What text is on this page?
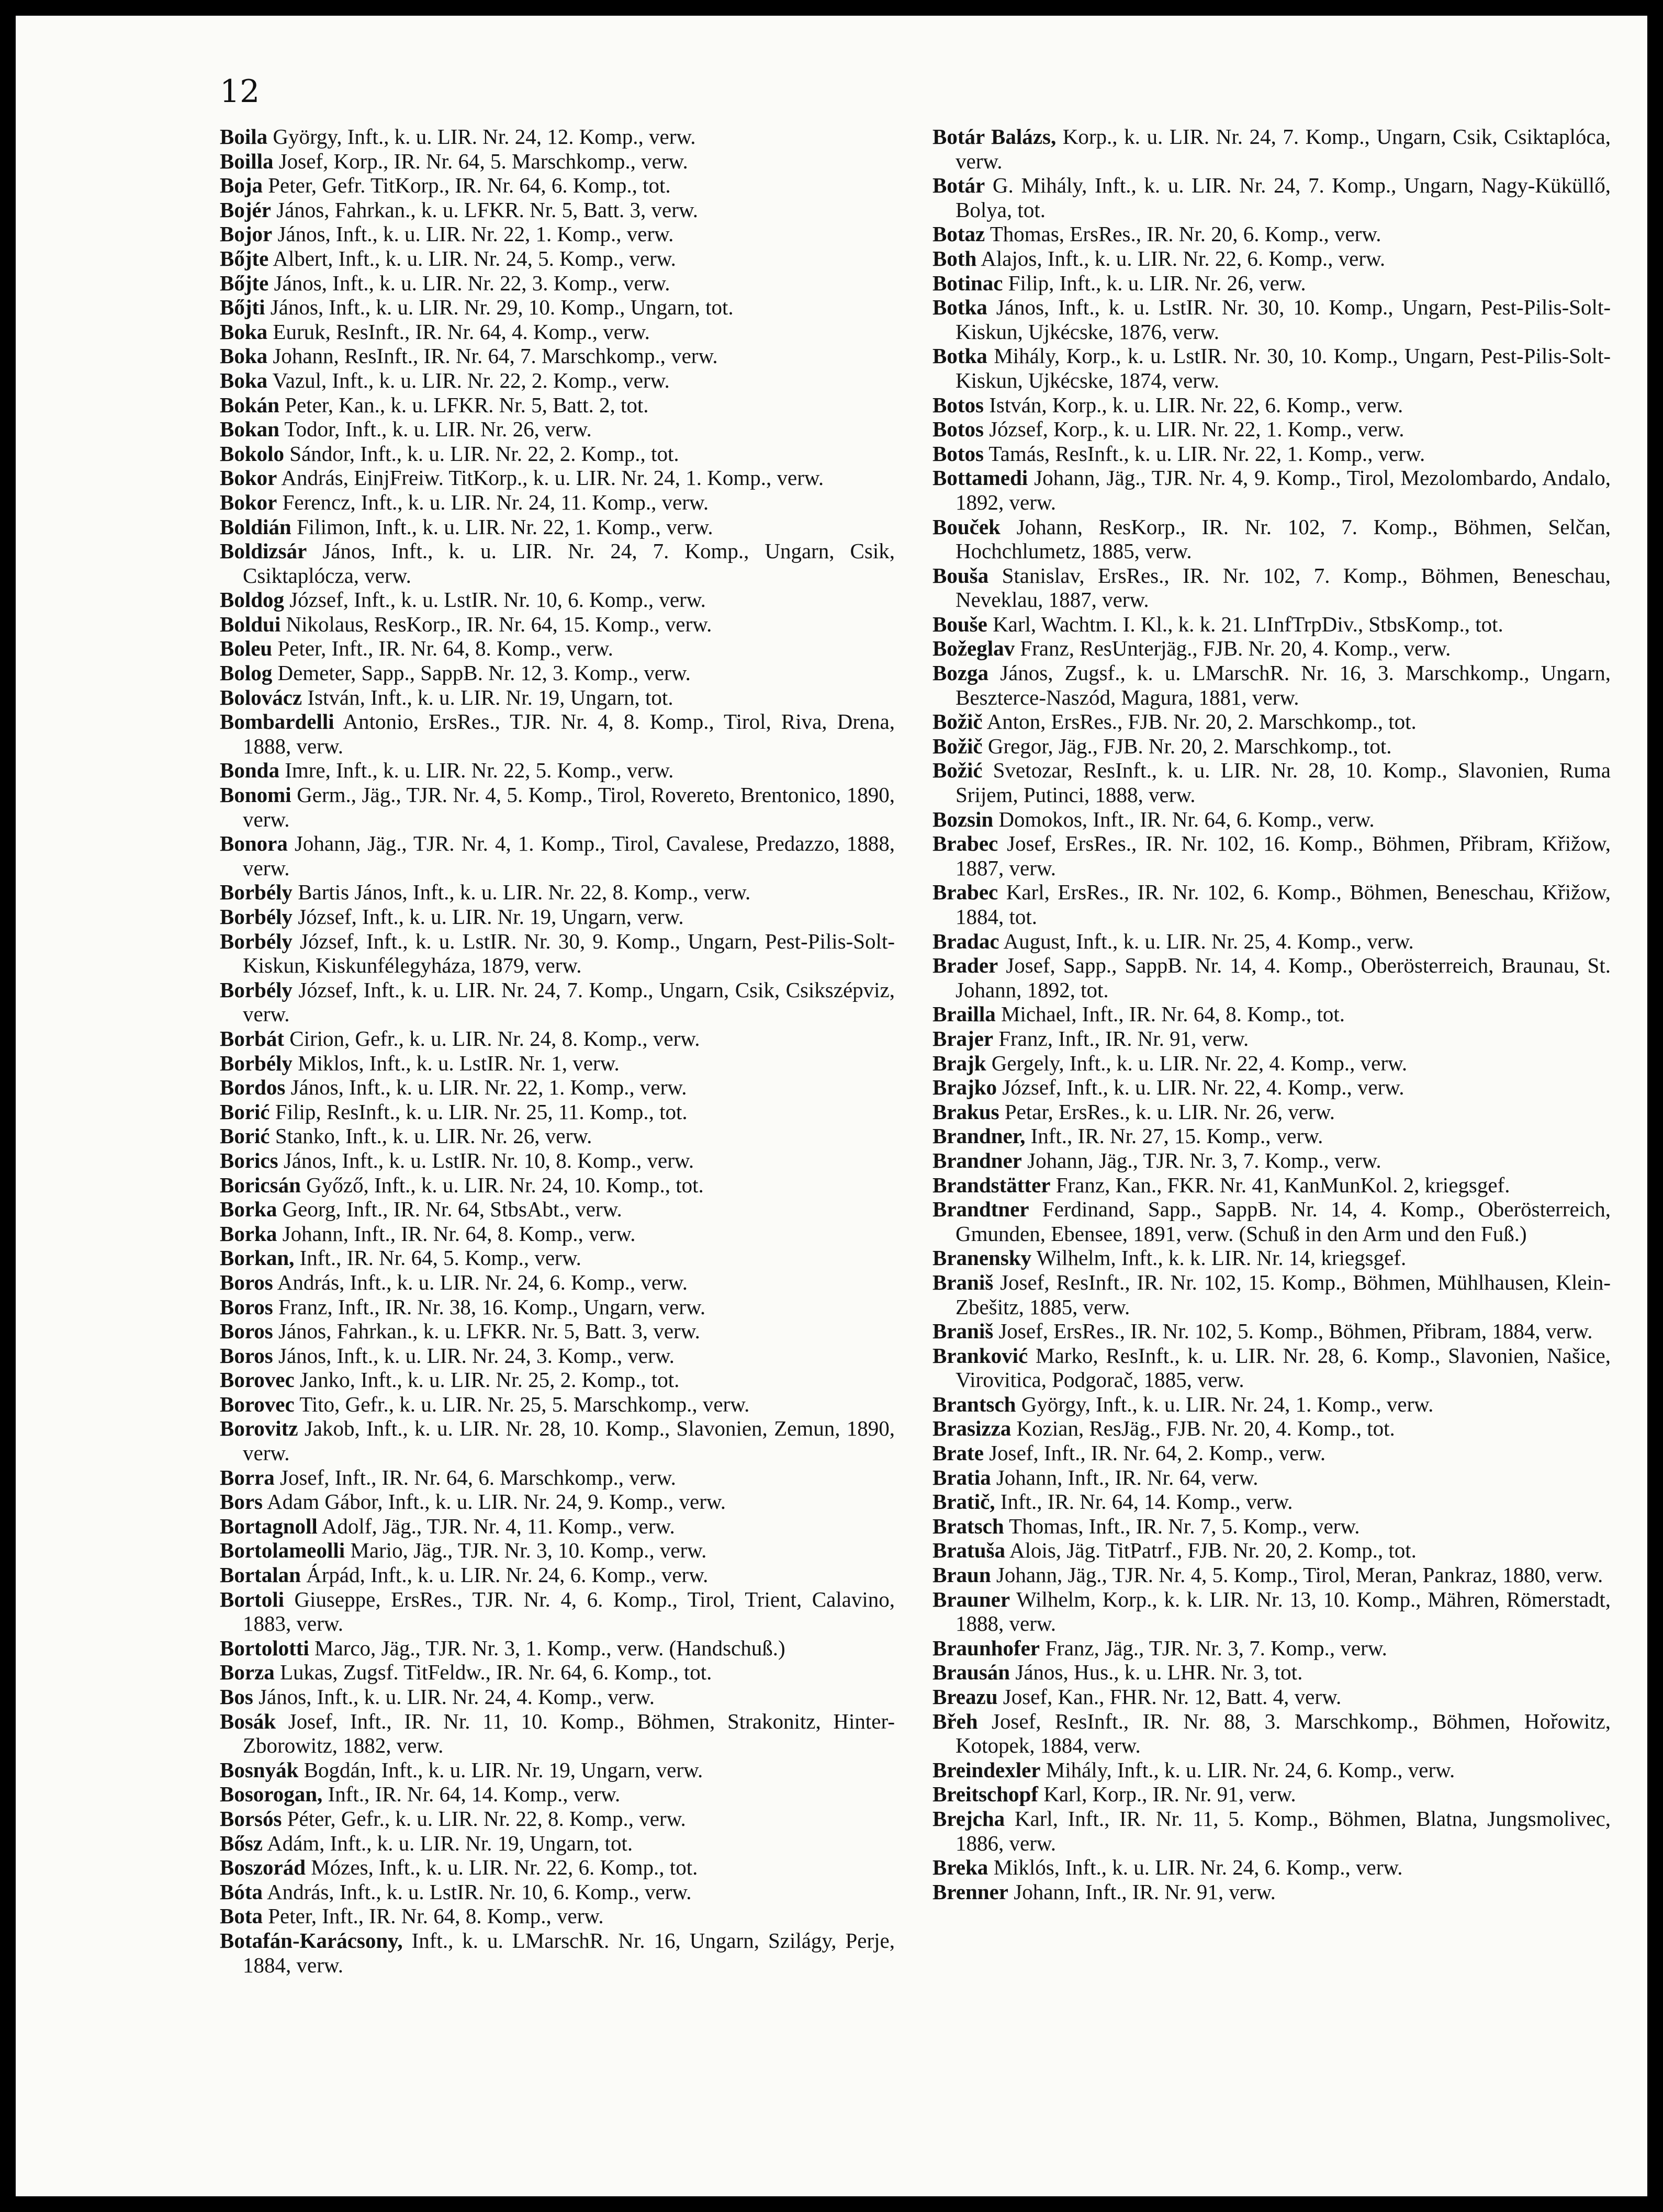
12
Boila György, Inft., k. u. LIR. Nr. 24, 12. Komp., verw.
Boilla Josef, Korp., IR. Nr. 64, 5. Marschkomp., verw.
Boja Peter, Gefr. TitKorp., IR. Nr. 64, 6. Komp., tot.
Bojér János, Fahrkan., k. u. LFKR. Nr. 5, Batt. 3, verw.
Bojor János, Inft., k. u. LIR. Nr. 22, 1. Komp., verw.
Bőjte Albert, Inft., k. u. LIR. Nr. 24, 5. Komp., verw.
Bőjte János, Inft., k. u. LIR. Nr. 22, 3. Komp., verw.
Bőjti János, Inft., k. u. LIR. Nr. 29, 10. Komp., Ungarn, tot.
Boka Euruk, ResInft., IR. Nr. 64, 4. Komp., verw.
Boka Johann, ResInft., IR. Nr. 64, 7. Marschkomp., verw.
Boka Vazul, Inft., k. u. LIR. Nr. 22, 2. Komp., verw.
Bokán Peter, Kan., k. u. LFKR. Nr. 5, Batt. 2, tot.
Bokan Todor, Inft., k. u. LIR. Nr. 26, verw.
Bokolo Sándor, Inft., k. u. LIR. Nr. 22, 2. Komp., tot.
Bokor András, EinjFreiw. TitKorp., k. u. LIR. Nr. 24, 1. Komp., verw.
Bokor Ferencz, Inft., k. u. LIR. Nr. 24, 11. Komp., verw.
Boldián Filimon, Inft., k. u. LIR. Nr. 22, 1. Komp., verw.
Boldizsár János, Inft., k. u. LIR. Nr. 24, 7. Komp., Ungarn, Csik, Csiktaplócza, verw.
Boldog József, Inft., k. u. LstIR. Nr. 10, 6. Komp., verw.
Boldui Nikolaus, ResKorp., IR. Nr. 64, 15. Komp., verw.
Boleu Peter, Inft., IR. Nr. 64, 8. Komp., verw.
Bolog Demeter, Sapp., SappB. Nr. 12, 3. Komp., verw.
Bolovácz István, Inft., k. u. LIR. Nr. 19, Ungarn, tot.
Bombardelli Antonio, ErsRes., TJR. Nr. 4, 8. Komp., Tirol, Riva, Drena, 1888, verw.
Bonda Imre, Inft., k. u. LIR. Nr. 22, 5. Komp., verw.
Bonomi Germ., Jäg., TJR. Nr. 4, 5. Komp., Tirol, Rovereto, Brentonico, 1890, verw.
Bonora Johann, Jäg., TJR. Nr. 4, 1. Komp., Tirol, Cavalese, Predazzo, 1888, verw.
Borbély Bartis János, Inft., k. u. LIR. Nr. 22, 8. Komp., verw.
Borbély József, Inft., k. u. LIR. Nr. 19, Ungarn, verw.
Borbély József, Inft., k. u. LstIR. Nr. 30, 9. Komp., Ungarn, Pest-Pilis-Solt-Kiskun, Kiskunfélegyháza, 1879, verw.
Borbély József, Inft., k. u. LIR. Nr. 24, 7. Komp., Ungarn, Csik, Csikszépviz, verw.
Borbát Cirion, Gefr., k. u. LIR. Nr. 24, 8. Komp., verw.
Borbély Miklos, Inft., k. u. LstIR. Nr. 1, verw.
Bordos János, Inft., k. u. LIR. Nr. 22, 1. Komp., verw.
Borić Filip, ResInft., k. u. LIR. Nr. 25, 11. Komp., tot.
Borić Stanko, Inft., k. u. LIR. Nr. 26, verw.
Borics János, Inft., k. u. LstIR. Nr. 10, 8. Komp., verw.
Boricsán Győző, Inft., k. u. LIR. Nr. 24, 10. Komp., tot.
Borka Georg, Inft., IR. Nr. 64, StbsAbt., verw.
Borka Johann, Inft., IR. Nr. 64, 8. Komp., verw.
Borkan, Inft., IR. Nr. 64, 5. Komp., verw.
Boros András, Inft., k. u. LIR. Nr. 24, 6. Komp., verw.
Boros Franz, Inft., IR. Nr. 38, 16. Komp., Ungarn, verw.
Boros János, Fahrkan., k. u. LFKR. Nr. 5, Batt. 3, verw.
Boros János, Inft., k. u. LIR. Nr. 24, 3. Komp., verw.
Borovec Janko, Inft., k. u. LIR. Nr. 25, 2. Komp., tot.
Borovec Tito, Gefr., k. u. LIR. Nr. 25, 5. Marschkomp., verw.
Borovitz Jakob, Inft., k. u. LIR. Nr. 28, 10. Komp., Slavonien, Zemun, 1890, verw.
Borra Josef, Inft., IR. Nr. 64, 6. Marschkomp., verw.
Bors Adam Gábor, Inft., k. u. LIR. Nr. 24, 9. Komp., verw.
Bortagnoll Adolf, Jäg., TJR. Nr. 4, 11. Komp., verw.
Bortolameolli Mario, Jäg., TJR. Nr. 3, 10. Komp., verw.
Bortalan Árpád, Inft., k. u. LIR. Nr. 24, 6. Komp., verw.
Bortoli Giuseppe, ErsRes., TJR. Nr. 4, 6. Komp., Tirol, Trient, Calavino, 1883, verw.
Bortolotti Marco, Jäg., TJR. Nr. 3, 1. Komp., verw. (Handschuß.)
Borza Lukas, Zugsf. TitFeldw., IR. Nr. 64, 6. Komp., tot.
Bos János, Inft., k. u. LIR. Nr. 24, 4. Komp., verw.
Bosák Josef, Inft., IR. Nr. 11, 10. Komp., Böhmen, Strakonitz, Hinter-Zborowitz, 1882, verw.
Bosnyák Bogdán, Inft., k. u. LIR. Nr. 19, Ungarn, verw.
Bosorogan, Inft., IR. Nr. 64, 14. Komp., verw.
Borsós Péter, Gefr., k. u. LIR. Nr. 22, 8. Komp., verw.
Bősz Adám, Inft., k. u. LIR. Nr. 19, Ungarn, tot.
Boszorád Mózes, Inft., k. u. LIR. Nr. 22, 6. Komp., tot.
Bóta András, Inft., k. u. LstIR. Nr. 10, 6. Komp., verw.
Bota Peter, Inft., IR. Nr. 64, 8. Komp., verw.
Botafán-Karácsony, Inft., k. u. LMarschR. Nr. 16, Ungarn, Szilágy, Perje, 1884, verw.
Botár Balázs, Korp., k. u. LIR. Nr. 24, 7. Komp., Ungarn, Csik, Csiktaplóca, verw.
Botár G. Mihály, Inft., k. u. LIR. Nr. 24, 7. Komp., Ungarn, Nagy-Küküllő, Bolya, tot.
Botaz Thomas, ErsRes., IR. Nr. 20, 6. Komp., verw.
Both Alajos, Inft., k. u. LIR. Nr. 22, 6. Komp., verw.
Botinac Filip, Inft., k. u. LIR. Nr. 26, verw.
Botka János, Inft., k. u. LstIR. Nr. 30, 10. Komp., Ungarn, Pest-Pilis-Solt-Kiskun, Ujkécske, 1876, verw.
Botka Mihály, Korp., k. u. LstIR. Nr. 30, 10. Komp., Ungarn, Pest-Pilis-Solt-Kiskun, Ujkécske, 1874, verw.
Botos István, Korp., k. u. LIR. Nr. 22, 6. Komp., verw.
Botos József, Korp., k. u. LIR. Nr. 22, 1. Komp., verw.
Botos Tamás, ResInft., k. u. LIR. Nr. 22, 1. Komp., verw.
Bottamedi Johann, Jäg., TJR. Nr. 4, 9. Komp., Tirol, Mezolombardo, Andalo, 1892, verw.
Bouček Johann, ResKorp., IR. Nr. 102, 7. Komp., Böhmen, Selčan, Hochchlumetz, 1885, verw.
Bouša Stanislav, ErsRes., IR. Nr. 102, 7. Komp., Böhmen, Beneschau, Neveklau, 1887, verw.
Bouše Karl, Wachtm. I. Kl., k. k. 21. LInfTrpDiv., StbsKomp., tot.
Božeglav Franz, ResUnterjäg., FJB. Nr. 20, 4. Komp., verw.
Bozga János, Zugsf., k. u. LMarschR. Nr. 16, 3. Marschkomp., Ungarn, Beszterce-Naszód, Magura, 1881, verw.
Božič Anton, ErsRes., FJB. Nr. 20, 2. Marschkomp., tot.
Božič Gregor, Jäg., FJB. Nr. 20, 2. Marschkomp., tot.
Božić Svetozar, ResInft., k. u. LIR. Nr. 28, 10. Komp., Slavonien, Ruma Srijem, Putinci, 1888, verw.
Bozsin Domokos, Inft., IR. Nr. 64, 6. Komp., verw.
Brabec Josef, ErsRes., IR. Nr. 102, 16. Komp., Böhmen, Přibram, Křižow, 1887, verw.
Brabec Karl, ErsRes., IR. Nr. 102, 6. Komp., Böhmen, Beneschau, Křižow, 1884, tot.
Bradac August, Inft., k. u. LIR. Nr. 25, 4. Komp., verw.
Brader Josef, Sapp., SappB. Nr. 14, 4. Komp., Oberösterreich, Braunau, St. Johann, 1892, tot.
Brailla Michael, Inft., IR. Nr. 64, 8. Komp., tot.
Brajer Franz, Inft., IR. Nr. 91, verw.
Brajk Gergely, Inft., k. u. LIR. Nr. 22, 4. Komp., verw.
Brajko József, Inft., k. u. LIR. Nr. 22, 4. Komp., verw.
Brakus Petar, ErsRes., k. u. LIR. Nr. 26, verw.
Brandner, Inft., IR. Nr. 27, 15. Komp., verw.
Brandner Johann, Jäg., TJR. Nr. 3, 7. Komp., verw.
Brandstätter Franz, Kan., FKR. Nr. 41, KanMunKol. 2, kriegsgef.
Brandtner Ferdinand, Sapp., SappB. Nr. 14, 4. Komp., Oberösterreich, Gmunden, Ebensee, 1891, verw. (Schuß in den Arm und den Fuß.)
Branensky Wilhelm, Inft., k. k. LIR. Nr. 14, kriegsgef.
Braniš Josef, ResInft., IR. Nr. 102, 15. Komp., Böhmen, Mühlhausen, Klein-Zbešitz, 1885, verw.
Braniš Josef, ErsRes., IR. Nr. 102, 5. Komp., Böhmen, Přibram, 1884, verw.
Branković Marko, ResInft., k. u. LIR. Nr. 28, 6. Komp., Slavonien, Našice, Virovitica, Podgorač, 1885, verw.
Brantsch György, Inft., k. u. LIR. Nr. 24, 1. Komp., verw.
Brasizza Kozian, ResJäg., FJB. Nr. 20, 4. Komp., tot.
Brate Josef, Inft., IR. Nr. 64, 2. Komp., verw.
Bratia Johann, Inft., IR. Nr. 64, verw.
Bratič, Inft., IR. Nr. 64, 14. Komp., verw.
Bratsch Thomas, Inft., IR. Nr. 7, 5. Komp., verw.
Bratuša Alois, Jäg. TitPatrf., FJB. Nr. 20, 2. Komp., tot.
Braun Johann, Jäg., TJR. Nr. 4, 5. Komp., Tirol, Meran, Pankraz, 1880, verw.
Brauner Wilhelm, Korp., k. k. LIR. Nr. 13, 10. Komp., Mähren, Römerstadt, 1888, verw.
Braunhofer Franz, Jäg., TJR. Nr. 3, 7. Komp., verw.
Brausán János, Hus., k. u. LHR. Nr. 3, tot.
Breazu Josef, Kan., FHR. Nr. 12, Batt. 4, verw.
Břeh Josef, ResInft., IR. Nr. 88, 3. Marschkomp., Böhmen, Hořowitz, Kotopek, 1884, verw.
Breindexler Mihály, Inft., k. u. LIR. Nr. 24, 6. Komp., verw.
Breitschopf Karl, Korp., IR. Nr. 91, verw.
Brejcha Karl, Inft., IR. Nr. 11, 5. Komp., Böhmen, Blatna, Jungsmolivec, 1886, verw.
Breka Miklós, Inft., k. u. LIR. Nr. 24, 6. Komp., verw.
Brenner Johann, Inft., IR. Nr. 91, verw.
